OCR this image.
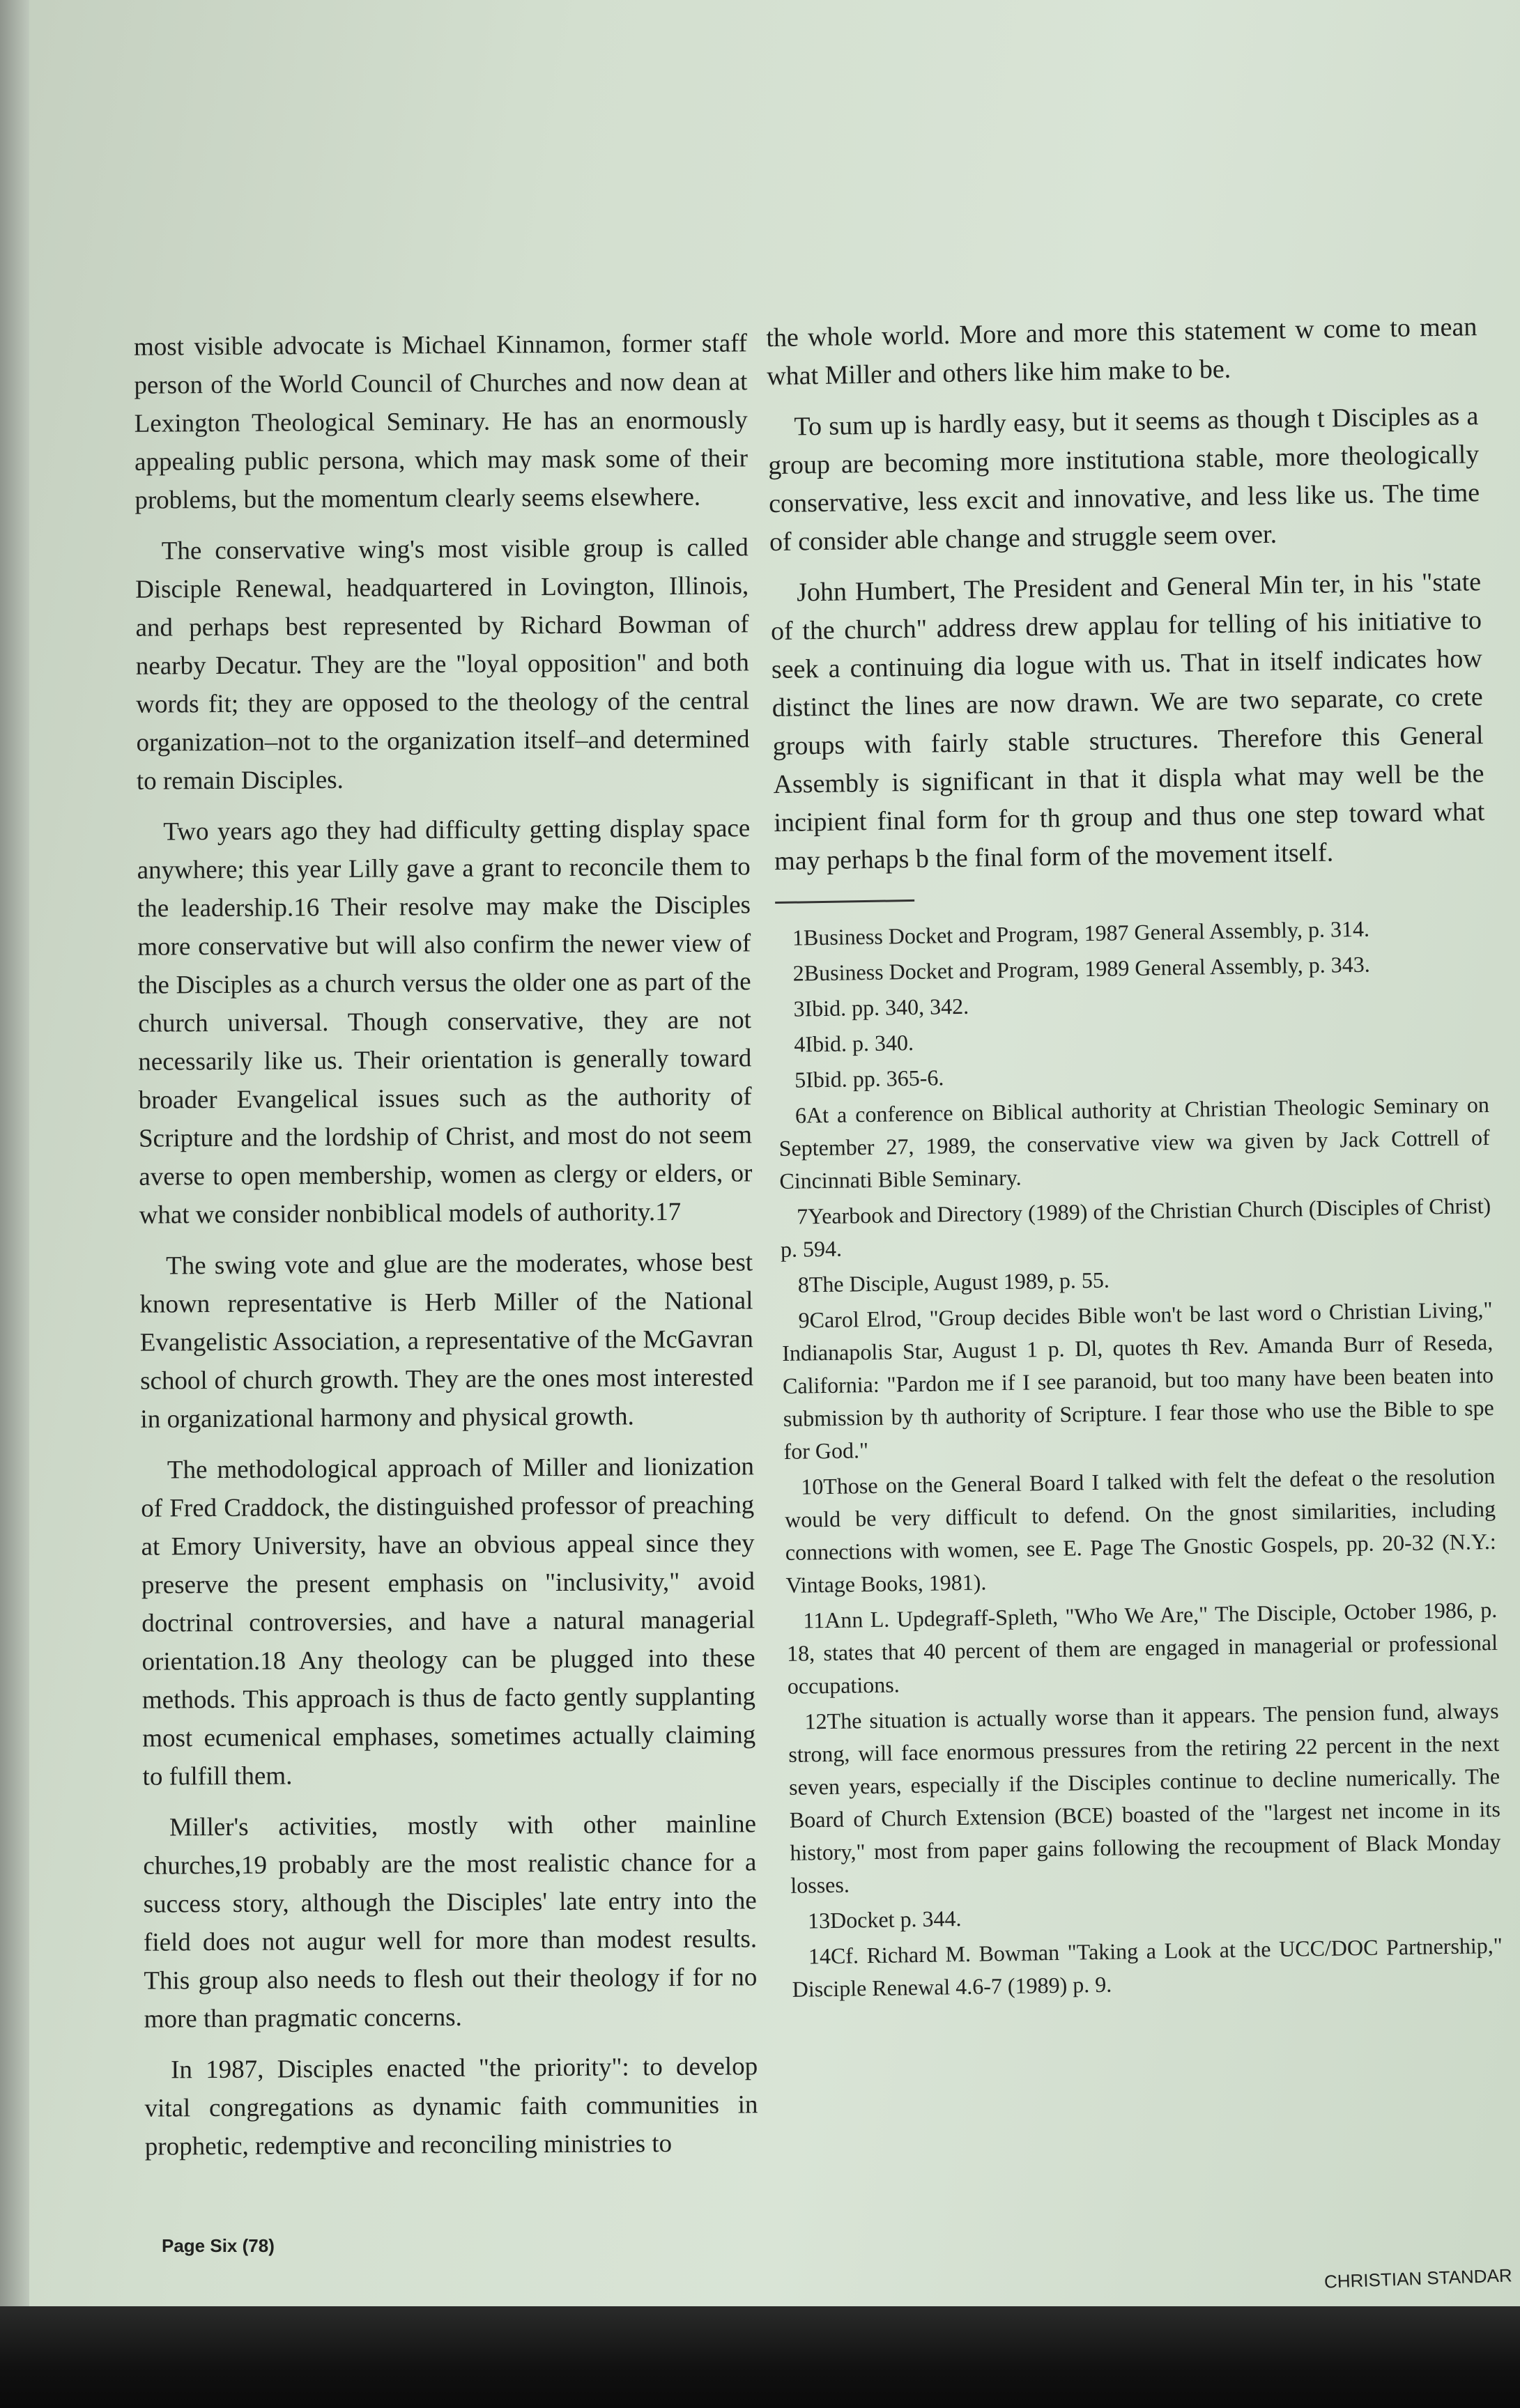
most visible advocate is Michael Kinnamon, former staff person of the World Council of Churches and now dean at Lexington Theological Seminary. He has an enormously appealing public persona, which may mask some of their problems, but the momentum clearly seems elsewhere.

The conservative wing's most visible group is called Disciple Renewal, headquartered in Lovington, Illinois, and perhaps best represented by Richard Bowman of nearby Decatur. They are the "loyal opposition" and both words fit; they are opposed to the theology of the central organization–not to the organization itself–and determined to remain Disciples.

Two years ago they had difficulty getting display space anywhere; this year Lilly gave a grant to reconcile them to the leadership.16 Their resolve may make the Disciples more conservative but will also confirm the newer view of the Disciples as a church versus the older one as part of the church universal. Though conservative, they are not necessarily like us. Their orientation is generally toward broader Evangelical issues such as the authority of Scripture and the lordship of Christ, and most do not seem averse to open membership, women as clergy or elders, or what we consider nonbiblical models of authority.17

The swing vote and glue are the moderates, whose best known representative is Herb Miller of the National Evangelistic Association, a representative of the McGavran school of church growth. They are the ones most interested in organizational harmony and physical growth.

The methodological approach of Miller and lionization of Fred Craddock, the distinguished professor of preaching at Emory University, have an obvious appeal since they preserve the present emphasis on "inclusivity," avoid doctrinal controversies, and have a natural managerial orientation.18 Any theology can be plugged into these methods. This approach is thus de facto gently supplanting most ecumenical emphases, sometimes actually claiming to fulfill them.

Miller's activities, mostly with other mainline churches,19 probably are the most realistic chance for a success story, although the Disciples' late entry into the field does not augur well for more than modest results. This group also needs to flesh out their theology if for no more than pragmatic concerns.

In 1987, Disciples enacted "the priority": to develop vital congregations as dynamic faith communities in prophetic, redemptive and reconciling ministries to

the whole world. More and more this statement w come to mean what Miller and others like him make to be.

To sum up is hardly easy, but it seems as though t Disciples as a group are becoming more institutiona stable, more theologically conservative, less excit and innovative, and less like us. The time of consider able change and struggle seem over.

John Humbert, The President and General Min ter, in his "state of the church" address drew applau for telling of his initiative to seek a continuing dia logue with us. That in itself indicates how distinct the lines are now drawn. We are two separate, co crete groups with fairly stable structures. Therefore this General Assembly is significant in that it displa what may well be the incipient final form for th group and thus one step toward what may perhaps b the final form of the movement itself.

1Business Docket and Program, 1987 General Assembly, p. 314.
2Business Docket and Program, 1989 General Assembly, p. 343.
3Ibid. pp. 340, 342.
4Ibid. p. 340.
5Ibid. pp. 365-6.
6At a conference on Biblical authority at Christian Theologic Seminary on September 27, 1989, the conservative view wa given by Jack Cottrell of Cincinnati Bible Seminary.
7Yearbook and Directory (1989) of the Christian Church (Disciples of Christ) p. 594.
8The Disciple, August 1989, p. 55.
9Carol Elrod, "Group decides Bible won't be last word o Christian Living," Indianapolis Star, August 1 p. Dl, quotes th Rev. Amanda Burr of Reseda, California: "Pardon me if I see paranoid, but too many have been beaten into submission by th authority of Scripture. I fear those who use the Bible to spe for God."
10Those on the General Board I talked with felt the defeat o the resolution would be very difficult to defend. On the gnost similarities, including connections with women, see E. Page The Gnostic Gospels, pp. 20-32 (N.Y.: Vintage Books, 1981).
11Ann L. Updegraff-Spleth, "Who We Are," The Disciple, October 1986, p. 18, states that 40 percent of them are engaged in managerial or professional occupations.
12The situation is actually worse than it appears. The pension fund, always strong, will face enormous pressures from the retiring 22 percent in the next seven years, especially if the Disciples continue to decline numerically. The Board of Church Extension (BCE) boasted of the "largest net income in its history," most from paper gains following the recoupment of Black Monday losses.
13Docket p. 344.
14Cf. Richard M. Bowman "Taking a Look at the UCC/DOC Partnership," Disciple Renewal 4.6-7 (1989) p. 9.
Page Six (78)
CHRISTIAN STANDAR
